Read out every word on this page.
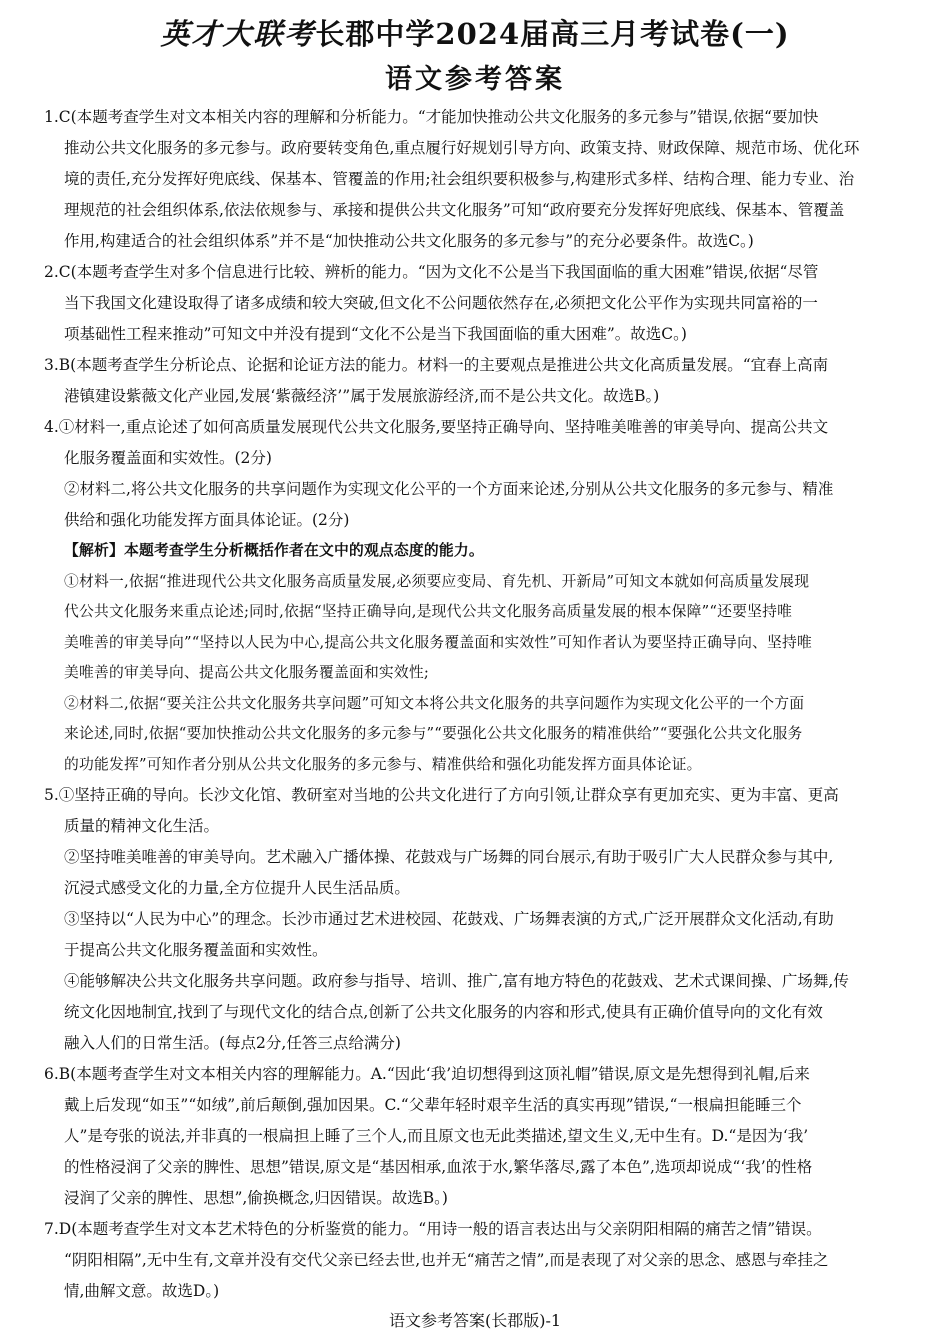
英才大联考长郡中学2024届高三月考试卷(一)
语文参考答案
1.C(本题考查学生对文本相关内容的理解和分析能力。“才能加快推动公共文化服务的多元参与”错误,依据“要加快
推动公共文化服务的多元参与。政府要转变角色,重点履行好规划引导方向、政策支持、财政保障、规范市场、优化环
境的责任,充分发挥好兜底线、保基本、管覆盖的作用;社会组织要积极参与,构建形式多样、结构合理、能力专业、治
理规范的社会组织体系,依法依规参与、承接和提供公共文化服务”可知“政府要充分发挥好兜底线、保基本、管覆盖
作用,构建适合的社会组织体系”并不是“加快推动公共文化服务的多元参与”的充分必要条件。故选C。)
2.C(本题考查学生对多个信息进行比较、辨析的能力。“因为文化不公是当下我国面临的重大困难”错误,依据“尽管
当下我国文化建设取得了诸多成绩和较大突破,但文化不公问题依然存在,必须把文化公平作为实现共同富裕的一
项基础性工程来推动”可知文中并没有提到“文化不公是当下我国面临的重大困难”。故选C。)
3.B(本题考查学生分析论点、论据和论证方法的能力。材料一的主要观点是推进公共文化高质量发展。“宜春上高南
港镇建设紫薇文化产业园,发展‘紫薇经济’”属于发展旅游经济,而不是公共文化。故选B。)
4.①材料一,重点论述了如何高质量发展现代公共文化服务,要坚持正确导向、坚持唯美唯善的审美导向、提高公共文
化服务覆盖面和实效性。(2分)
②材料二,将公共文化服务的共享问题作为实现文化公平的一个方面来论述,分别从公共文化服务的多元参与、精准
供给和强化功能发挥方面具体论证。(2分)
【解析】本题考查学生分析概括作者在文中的观点态度的能力。
①材料一,依据“推进现代公共文化服务高质量发展,必须要应变局、育先机、开新局”可知文本就如何高质量发展现
代公共文化服务来重点论述;同时,依据“坚持正确导向,是现代公共文化服务高质量发展的根本保障”“还要坚持唯
美唯善的审美导向”“坚持以人民为中心,提高公共文化服务覆盖面和实效性”可知作者认为要坚持正确导向、坚持唯
美唯善的审美导向、提高公共文化服务覆盖面和实效性;
②材料二,依据“要关注公共文化服务共享问题”可知文本将公共文化服务的共享问题作为实现文化公平的一个方面
来论述,同时,依据“要加快推动公共文化服务的多元参与”“要强化公共文化服务的精准供给”“要强化公共文化服务
的功能发挥”可知作者分别从公共文化服务的多元参与、精准供给和强化功能发挥方面具体论证。
5.①坚持正确的导向。长沙文化馆、教研室对当地的公共文化进行了方向引领,让群众享有更加充实、更为丰富、更高
质量的精神文化生活。
②坚持唯美唯善的审美导向。艺术融入广播体操、花鼓戏与广场舞的同台展示,有助于吸引广大人民群众参与其中,
沉浸式感受文化的力量,全方位提升人民生活品质。
③坚持以“人民为中心”的理念。长沙市通过艺术进校园、花鼓戏、广场舞表演的方式,广泛开展群众文化活动,有助
于提高公共文化服务覆盖面和实效性。
④能够解决公共文化服务共享问题。政府参与指导、培训、推广,富有地方特色的花鼓戏、艺术式课间操、广场舞,传
统文化因地制宜,找到了与现代文化的结合点,创新了公共文化服务的内容和形式,使具有正确价值导向的文化有效
融入人们的日常生活。(每点2分,任答三点给满分)
6.B(本题考查学生对文本相关内容的理解能力。A.“因此‘我’迫切想得到这顶礼帽”错误,原文是先想得到礼帽,后来
戴上后发现“如玉”“如绒”,前后颠倒,强加因果。C.“父辈年轻时艰辛生活的真实再现”错误,“一根扁担能睡三个
人”是夸张的说法,并非真的一根扁担上睡了三个人,而且原文也无此类描述,望文生义,无中生有。D.“是因为‘我’
的性格浸润了父亲的脾性、思想”错误,原文是“基因相承,血浓于水,繁华落尽,露了本色”,选项却说成“‘我’的性格
浸润了父亲的脾性、思想”,偷换概念,归因错误。故选B。)
7.D(本题考查学生对文本艺术特色的分析鉴赏的能力。“用诗一般的语言表达出与父亲阴阳相隔的痛苦之情”错误。
“阴阳相隔”,无中生有,文章并没有交代父亲已经去世,也并无“痛苦之情”,而是表现了对父亲的思念、感恩与牵挂之
情,曲解文意。故选D。)
语文参考答案(长郡版)-1
